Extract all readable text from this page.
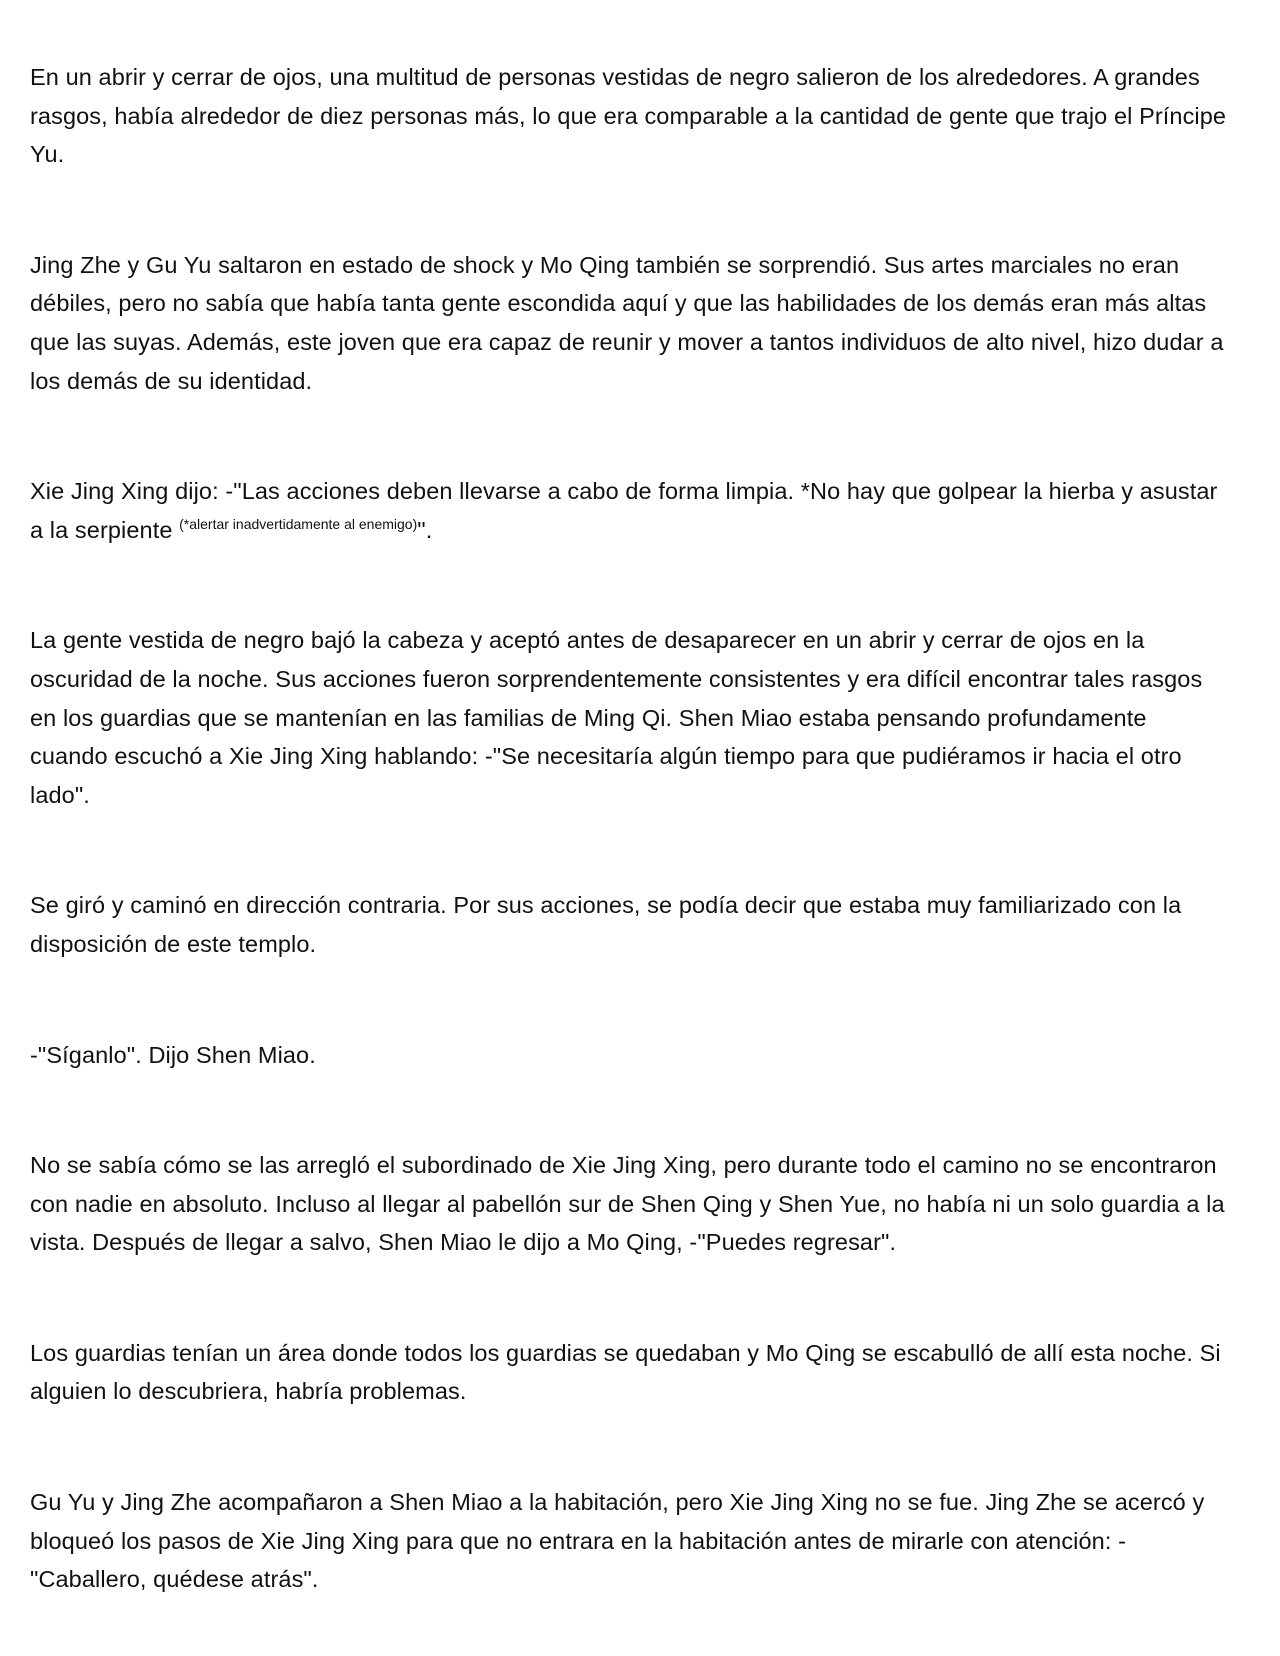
En un abrir y cerrar de ojos, una multitud de personas vestidas de negro salieron de los alrededores. A grandes rasgos, había alrededor de diez personas más, lo que era comparable a la cantidad de gente que trajo el Príncipe Yu.

Jing Zhe y Gu Yu saltaron en estado de shock y Mo Qing también se sorprendió. Sus artes marciales no eran débiles, pero no sabía que había tanta gente escondida aquí y que las habilidades de los demás eran más altas que las suyas. Además, este joven que era capaz de reunir y mover a tantos individuos de alto nivel, hizo dudar a los demás de su identidad.

Xie Jing Xing dijo: -"Las acciones deben llevarse a cabo de forma limpia. *No hay que golpear la hierba y asustar a la serpiente $^{(*alertar inadvertidamente al enemigo)}$".

La gente vestida de negro bajó la cabeza y aceptó antes de desaparecer en un abrir y cerrar de ojos en la oscuridad de la noche. Sus acciones fueron sorprendentemente consistentes y era difícil encontrar tales rasgos en los guardias que se mantenían en las familias de Ming Qi. Shen Miao estaba pensando profundamente cuando escuchó a Xie Jing Xing hablando: -"Se necesitaría algún tiempo para que pudiéramos ir hacia el otro lado".

Se giró y caminó en dirección contraria. Por sus acciones, se podía decir que estaba muy familiarizado con la disposición de este templo.

-"Síganlo". Dijo Shen Miao.

No se sabía cómo se las arregló el subordinado de Xie Jing Xing, pero durante todo el camino no se encontraron con nadie en absoluto. Incluso al llegar al pabellón sur de Shen Qing y Shen Yue, no había ni un solo guardia a la vista. Después de llegar a salvo, Shen Miao le dijo a Mo Qing, -"Puedes regresar".

Los guardias tenían un área donde todos los guardias se quedaban y Mo Qing se escabulló de allí esta noche. Si alguien lo descubriera, habría problemas.

Gu Yu y Jing Zhe acompañaron a Shen Miao a la habitación, pero Xie Jing Xing no se fue. Jing Zhe se acercó y bloqueó los pasos de Xie Jing Xing para que no entrara en la habitación antes de mirarle con atención: -"Caballero, quédese atrás".
